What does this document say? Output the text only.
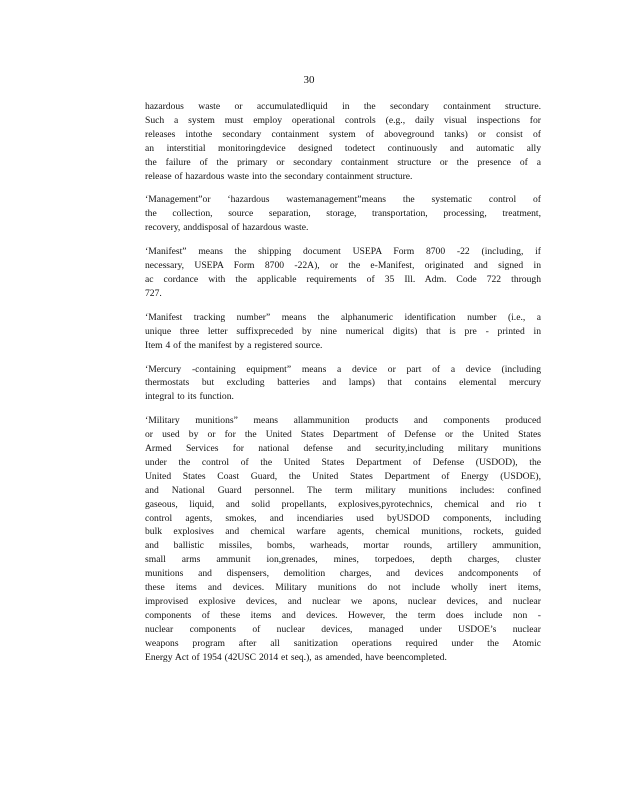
30
hazardous waste or accumulatedliquid in the secondary containment structure.
Such a system must employ operational controls (e.g., daily visual inspections for
releases intothe secondary containment system of aboveground tanks) or consist of
an interstitial monitoringdevice designed todetect continuously and automatic ally
the failure of the primary or secondary containment structure or the presence of a
release of hazardous waste into the secondary containment structure.
‘Management”or ‘hazardous wastemanagement”means the systematic control of
the collection, source separation, storage, transportation, processing, treatment,
recovery, anddisposal of hazardous waste.
‘Manifest” means the shipping document USEPA Form 8700 -22 (including, if
necessary, USEPA Form 8700 -22A), or the e-Manifest, originated and signed in
ac cordance with the applicable requirements of 35 Ill. Adm. Code 722 through
727.
‘Manifest tracking number” means the alphanumeric identification number (i.e., a
unique three letter suffixpreceded by nine numerical digits) that is pre - printed in
Item 4 of the manifest by a registered source.
‘Mercury -containing equipment” means a device or part of a device (including
thermostats but excluding batteries and lamps) that contains elemental mercury
integral to its function.
‘Military munitions” means allammunition products and components produced
or used by or for the United States Department of Defense or the United States
Armed Services for national defense and security,including military munitions
under the control of the United States Department of Defense (USDOD), the
United States Coast Guard, the United States Department of Energy (USDOE),
and National Guard personnel. The term military munitions includes: confined
gaseous, liquid, and solid propellants, explosives,pyrotechnics, chemical and rio t
control agents, smokes, and incendiaries used byUSDOD components, including
bulk explosives and chemical warfare agents, chemical munitions, rockets, guided
and ballistic missiles, bombs, warheads, mortar rounds, artillery ammunition,
small arms ammunit ion,grenades, mines, torpedoes, depth charges, cluster
munitions and dispensers, demolition charges, and devices andcomponents of
these items and devices. Military munitions do not include wholly inert items,
improvised explosive devices, and nuclear we apons, nuclear devices, and nuclear
components of these items and devices. However, the term does include non -
nuclear components of nuclear devices, managed under USDOE’s nuclear
weapons program after all sanitization operations required under the Atomic
Energy Act of 1954 (42USC 2014 et seq.), as amended, have beencompleted.
